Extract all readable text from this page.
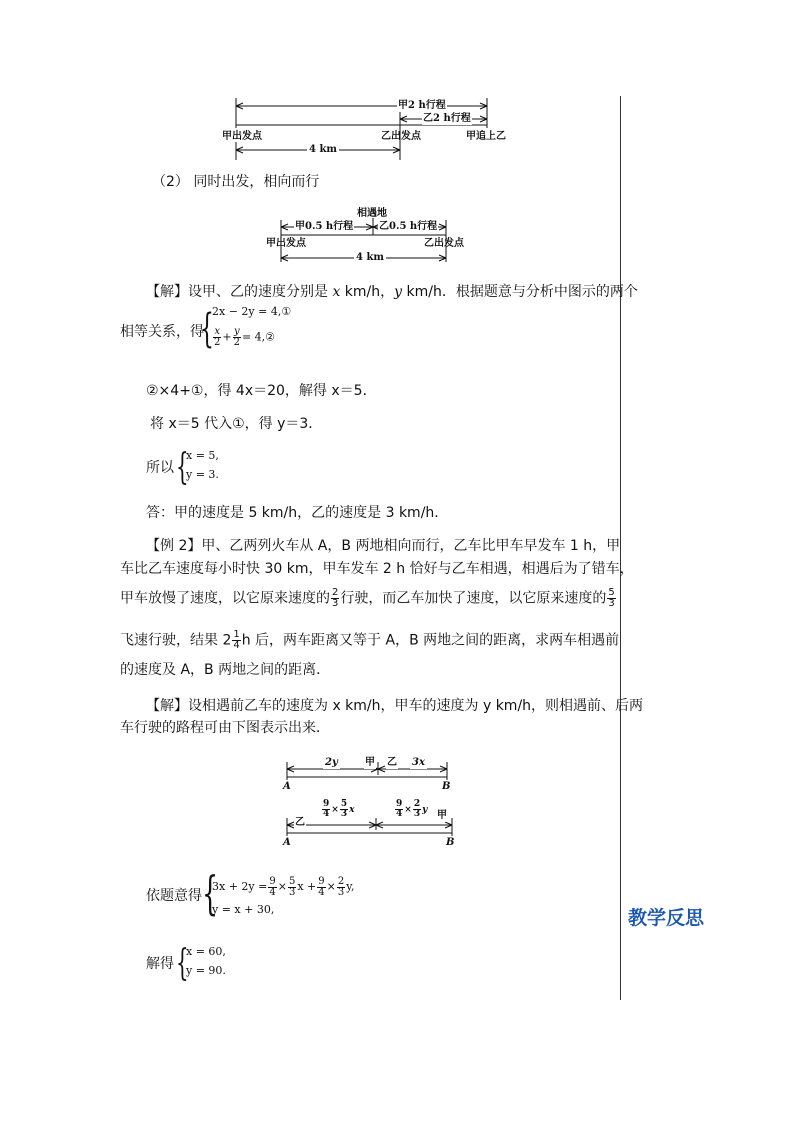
教学反思
甲2 h行程
乙2 h行程
甲出发点	乙出发点	甲追上乙
4 km
（2） 同时出发，相向而行
相遇地
甲0.5 h行程	乙0.5 h行程
甲出发点	乙出发点
4 km
【解】设甲、乙的速度分别是 x km/h，y km/h．根据题意与分析中图示的两个
相等关系，得
{
2x − 2y = 4,①
$\frac{x}{2} + \frac{y}{2}$ = 4,②
②×4+①，得 4x＝20，解得 x＝5．
将 x＝5 代入①，得 y＝3．
所以 {
x = 5,
y = 3.
答：甲的速度是 5 km/h，乙的速度是 3 km/h．
【例 2】甲、乙两列火车从 A，B 两地相向而行，乙车比甲车早发车 1 h，甲
车比乙车速度每小时快 30 km，甲车发车 2 h 恰好与乙车相遇，相遇后为了错车，
甲车放慢了速度，以它原来速度的 $\frac{2}{3}$ 行驶，而乙车加快了速度，以它原来速度的 $\frac{5}{3}$
飞速行驶，结果 $2 \frac{1}{4}$ h 后，两车距离又等于 A，B 两地之间的距离，求两车相遇前
的速度及 A，B 两地之间的距离．
【解】设相遇前乙车的速度为 x km/h，甲车的速度为 y km/h，则相遇前、后两
车行驶的路程可由下图表示出来．
2y	甲 乙 3x
A	B
乙
$\frac{9}{4} \times \frac{5}{3}$ x	$\frac{9}{4} \times \frac{2}{3}$ y 甲
A	B
依题意得 {
$3x + 2y = \frac{9}{4} \times \frac{5}{3}$ $x + \frac{9}{4} \times \frac{2}{3} y$,
y = x + 30,
解得 {
x = 60,
y = 90.
